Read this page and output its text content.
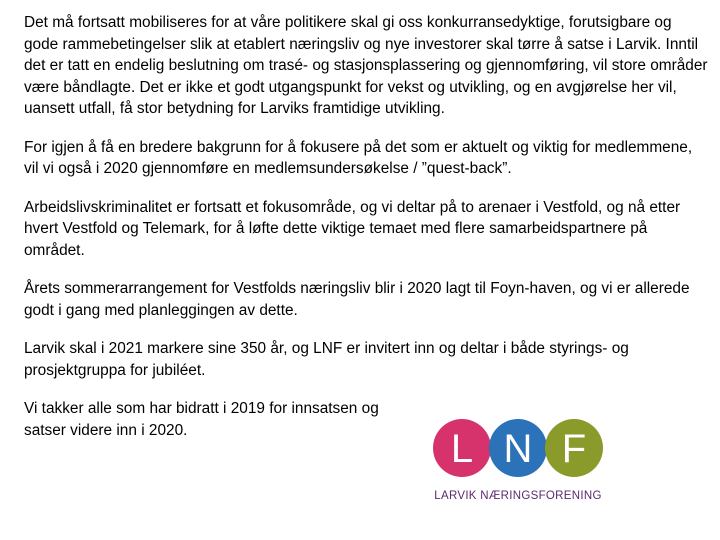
Det må fortsatt mobiliseres for at våre politikere skal gi oss konkurransedyktige, forutsigbare og gode rammebetingelser slik at etablert næringsliv og nye investorer skal tørre å satse i Larvik. Inntil det er tatt en endelig beslutning om trasé- og stasjonsplassering og gjennomføring, vil store områder være båndlagte. Det er ikke et godt utgangspunkt for vekst og utvikling, og en avgjørelse her vil, uansett utfall, få stor betydning for Larviks framtidige utvikling.

For igjen å få en bredere bakgrunn for å fokusere på det som er aktuelt og viktig for medlemmene, vil vi også i 2020 gjennomføre en medlemsundersøkelse / ”quest-back”.

Arbeidslivskriminalitet er fortsatt et fokusområde, og vi deltar på to arenaer i Vestfold, og nå etter hvert Vestfold og Telemark, for å løfte dette viktige temaet med flere samarbeidspartnere på området.

Årets sommerarrangement for Vestfolds næringsliv blir i 2020 lagt til Foyn-haven, og vi er allerede godt i gang med planleggingen av dette.

Larvik skal i 2021 markere sine 350 år, og LNF er invitert inn og deltar i både styrings- og prosjektgruppa for jubiléet.

Vi takker alle som har bidratt i 2019 for innsatsen og satser videre inn i 2020.	L N F
LARVIK NÆRINGSFORENING
